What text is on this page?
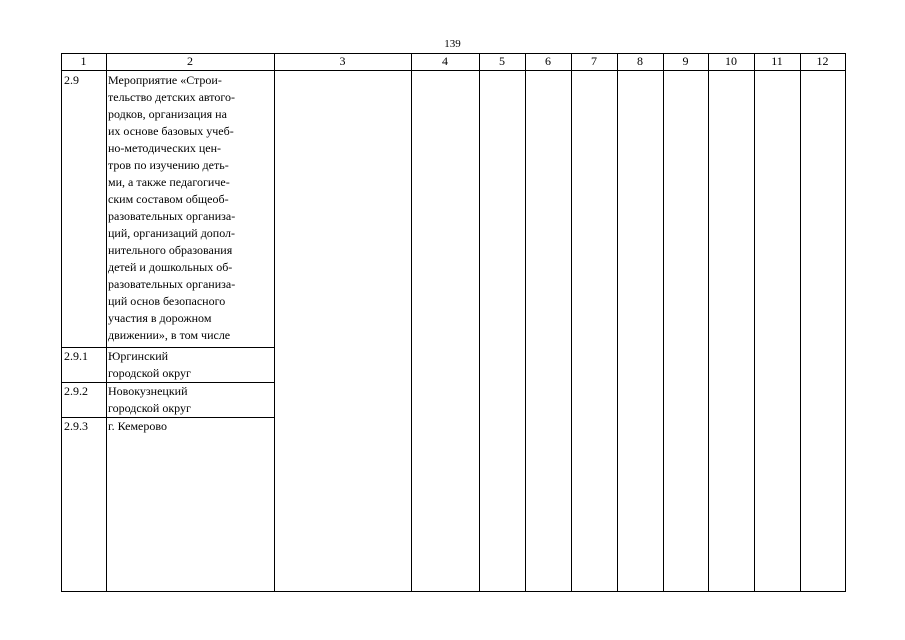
139
1	2	3	4	5	6	7	8	9	10	11	12
2.9 Мероприятие «Строи-
тельство детских автого-
родков, организация на
их основе базовых учеб-
но-методических цен-
тров по изучению деть-
ми, а также педагогиче-
ским составом общеоб-
разовательных организа-
ций, организаций допол-
нительного образования
детей и дошкольных об-
разовательных организа-
ций основ безопасного
участия в дорожном
движении», в том числе
2.9.1 Юргинский
городской округ
2.9.2 Новокузнецкий
городской округ
2.9.3 г. Кемерово
